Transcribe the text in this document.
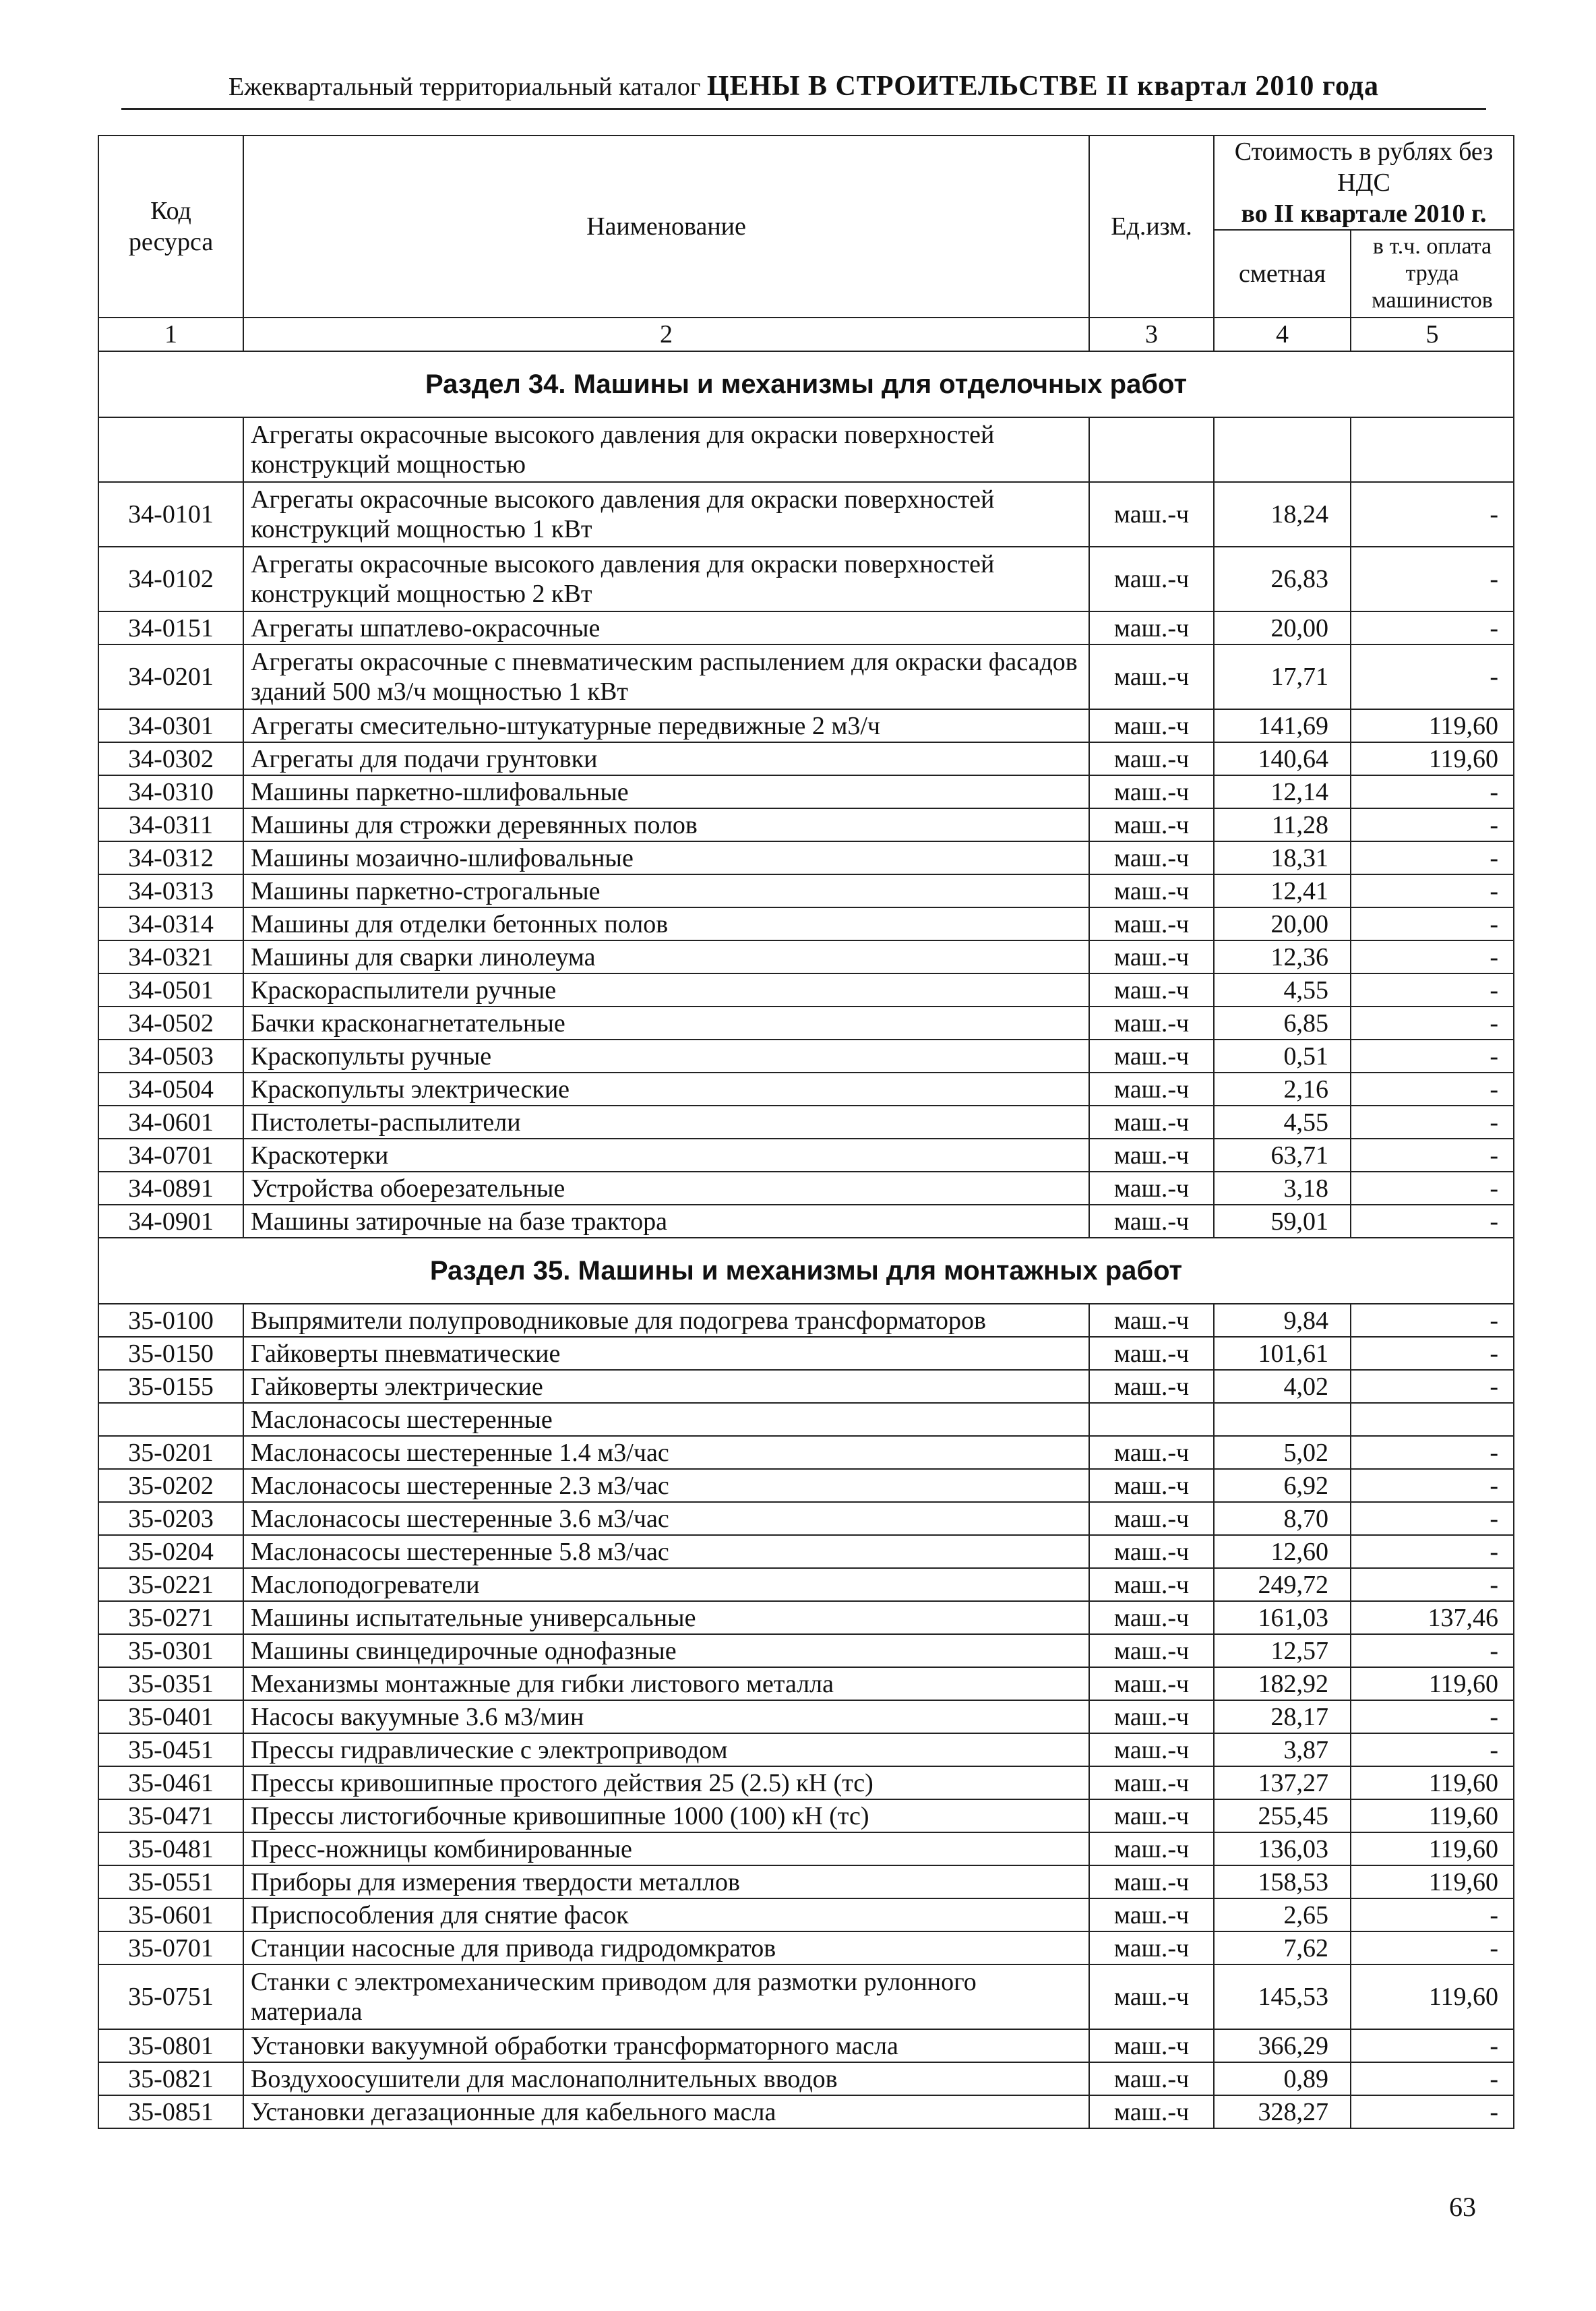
Ежеквартальный территориальный каталог ЦЕНЫ В СТРОИТЕЛЬСТВЕ II квартал 2010 года
Код ресурса	Наименование	Ед.изм.	Стоимость в рублях без НДС
во II квартале 2010 г.	

			сметная	в т.ч. оплата труда машинистов
1	2	3	4	5
Раздел 34. Машины и механизмы для отделочных работ				
	Агрегаты окрасочные высокого давления для окраски поверхностей конструкций мощностью			
34-0101	Агрегаты окрасочные высокого давления для окраски поверхностей конструкций мощностью 1 кВт	маш.-ч	18,24	-
34-0102	Агрегаты окрасочные высокого давления для окраски поверхностей конструкций мощностью 2 кВт	маш.-ч	26,83	-
34-0151	Агрегаты шпатлево-окрасочные	маш.-ч	20,00	-
34-0201	Агрегаты окрасочные с пневматическим распылением для окраски фасадов зданий 500 м3/ч мощностью 1 кВт	маш.-ч	17,71	-
34-0301	Агрегаты смесительно-штукатурные передвижные 2 м3/ч	маш.-ч	141,69	119,60
34-0302	Агрегаты для подачи грунтовки	маш.-ч	140,64	119,60
34-0310	Машины паркетно-шлифовальные	маш.-ч	12,14	-
34-0311	Машины для строжки деревянных полов	маш.-ч	11,28	-
34-0312	Машины мозаично-шлифовальные	маш.-ч	18,31	-
34-0313	Машины паркетно-строгальные	маш.-ч	12,41	-
34-0314	Машины для отделки бетонных полов	маш.-ч	20,00	-
34-0321	Машины для сварки линолеума	маш.-ч	12,36	-
34-0501	Краскораспылители ручные	маш.-ч	4,55	-
34-0502	Бачки красконагнетательные	маш.-ч	6,85	-
34-0503	Краскопульты ручные	маш.-ч	0,51	-
34-0504	Краскопульты электрические	маш.-ч	2,16	-
34-0601	Пистолеты-распылители	маш.-ч	4,55	-
34-0701	Краскотерки	маш.-ч	63,71	-
34-0891	Устройства обоерезательные	маш.-ч	3,18	-
34-0901	Машины затирочные на базе трактора	маш.-ч	59,01	-
Раздел 35. Машины и механизмы для монтажных работ				
35-0100	Выпрямители полупроводниковые для подогрева трансформаторов	маш.-ч	9,84	-
35-0150	Гайковерты пневматические	маш.-ч	101,61	-
35-0155	Гайковерты электрические	маш.-ч	4,02	-
	Маслонасосы шестеренные			
35-0201	Маслонасосы шестеренные 1.4 м3/час	маш.-ч	5,02	-
35-0202	Маслонасосы шестеренные 2.3 м3/час	маш.-ч	6,92	-
35-0203	Маслонасосы шестеренные 3.6 м3/час	маш.-ч	8,70	-
35-0204	Маслонасосы шестеренные 5.8 м3/час	маш.-ч	12,60	-
35-0221	Маслоподогреватели	маш.-ч	249,72	-
35-0271	Машины испытательные универсальные	маш.-ч	161,03	137,46
35-0301	Машины свинцедирочные однофазные	маш.-ч	12,57	-
35-0351	Механизмы монтажные для гибки листового металла	маш.-ч	182,92	119,60
35-0401	Насосы вакуумные 3.6 м3/мин	маш.-ч	28,17	-
35-0451	Прессы гидравлические с электроприводом	маш.-ч	3,87	-
35-0461	Прессы кривошипные простого действия 25 (2.5) кН (тс)	маш.-ч	137,27	119,60
35-0471	Прессы листогибочные кривошипные 1000 (100) кН (тс)	маш.-ч	255,45	119,60
35-0481	Пресс-ножницы комбинированные	маш.-ч	136,03	119,60
35-0551	Приборы для измерения твердости металлов	маш.-ч	158,53	119,60
35-0601	Приспособления для снятие фасок	маш.-ч	2,65	-
35-0701	Станции насосные для привода гидродомкратов	маш.-ч	7,62	-
35-0751	Станки с электромеханическим приводом для размотки рулонного материала	маш.-ч	145,53	119,60
35-0801	Установки вакуумной обработки трансформаторного масла	маш.-ч	366,29	-
35-0821	Воздухоосушители для маслонаполнительных вводов	маш.-ч	0,89	-
35-0851	Установки дегазационные для кабельного масла	маш.-ч	328,27	-
63
